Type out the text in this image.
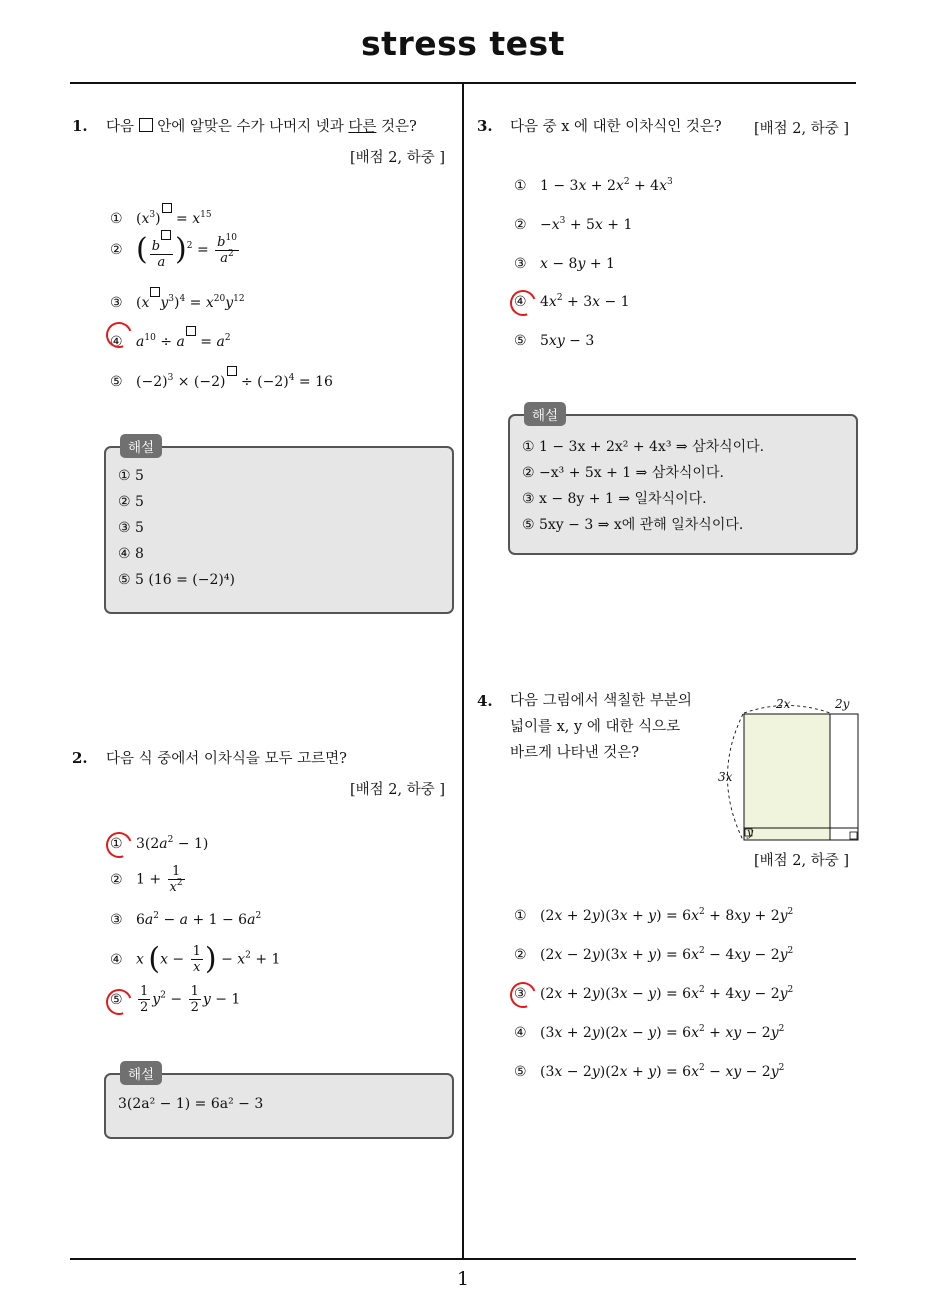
stress test
1
1. 다음  안에 알맞은 수가 나머지 넷과 다른 것은?
[배점 2, 하중 ]
① $(x^3) = x^{15}$
② ( $\frac{b}{a} )^2 = \frac{b^{10}}{a^2}$
③ (x $y^3)^4 = x^{20}y^{12}$
④ $a^{10} \div a = a^2$
⑤ $(-2)^3 \times (-2) \div (-2)^4 = 16$
해설
① 5
② 5
③ 5
④ 8
⑤ 5 (16 = (−2)⁴)
2. 다음 식 중에서 이차식을 모두 고르면?
[배점 2, 하중 ]
① $3(2a^2 - 1)$
② $1 + \frac{1}{x^2}$
③ $6a^2 - a + 1 - 6a^2$
④ x ($x - \frac{1}{x}$ ) − $x^2 + 1$
⑤ $\frac{1}{2} y^2 - \frac{1}{2}$ y − 1
해설
3(2a² − 1) = 6a² − 3
3. 다음 중 x 에 대한 이차식인 것은? [배점 2, 하중 ]
① $1 - 3x + 2x^2 + 4x^3$
② $-x^3 + 5x + 1$
③ x − 8y + 1
④ $4x^2 + 3x - 1$
⑤ 5xy − 3
해설
① 1 − 3x + 2x² + 4x³ ⇒ 삼차식이다.
② −x³ + 5x + 1 ⇒ 삼차식이다.
③ x − 8y + 1 ⇒ 일차식이다.
⑤ 5xy − 3 ⇒ x에 관해 일차식이다.
4. 다음 그림에서 색칠한 부분의
넓이를 x, y 에 대한 식으로
바르게 나타낸 것은?
2x	2y
3x
y
[배점 2, 하중 ]
① $(2x + 2y)(3x + y) = 6x^2 + 8xy + 2y^2$
② $(2x - 2y)(3x + y) = 6x^2 - 4xy - 2y^2$
③ $(2x + 2y)(3x - y) = 6x^2 + 4xy - 2y^2$
④ $(3x + 2y)(2x - y) = 6x^2$ + xy − $2y^2$
⑤ $(3x - 2y)(2x + y) = 6x^2$ − xy − $2y^2$
